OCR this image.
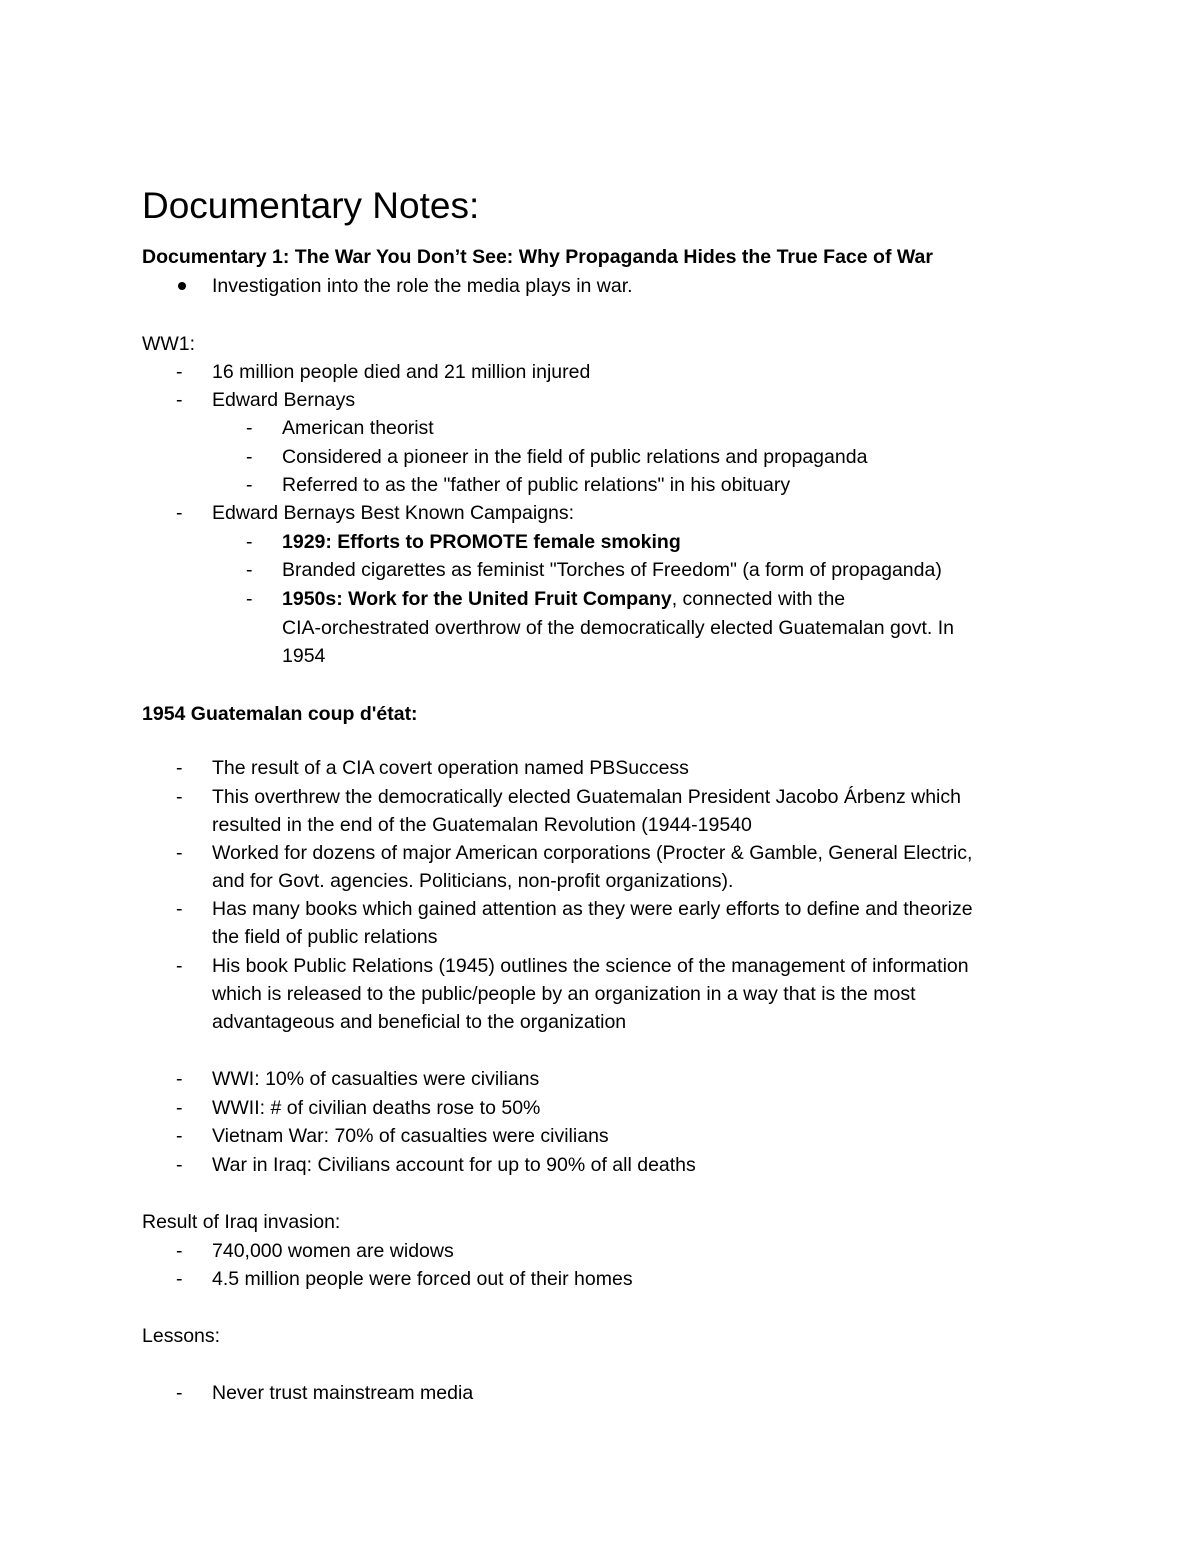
Documentary Notes:
Documentary 1: The War You Don’t See: Why Propaganda Hides the True Face of War
Investigation into the role the media plays in war.
WW1:
- 16 million people died and 21 million injured
- Edward Bernays
- American theorist
- Considered a pioneer in the field of public relations and propaganda
- Referred to as the "father of public relations" in his obituary
- Edward Bernays Best Known Campaigns:
- 1929: Efforts to PROMOTE female smoking
- Branded cigarettes as feminist "Torches of Freedom" (a form of propaganda)
- 1950s: Work for the United Fruit Company, connected with the
CIA-orchestrated overthrow of the democratically elected Guatemalan govt. In
1954
1954 Guatemalan coup d'état:
- The result of a CIA covert operation named PBSuccess
- This overthrew the democratically elected Guatemalan President Jacobo Árbenz which
resulted in the end of the Guatemalan Revolution (1944-19540
- Worked for dozens of major American corporations (Procter & Gamble, General Electric,
and for Govt. agencies. Politicians, non-profit organizations).
- Has many books which gained attention as they were early efforts to define and theorize
the field of public relations
- His book Public Relations (1945) outlines the science of the management of information
which is released to the public/people by an organization in a way that is the most
advantageous and beneficial to the organization
- WWI: 10% of casualties were civilians
- WWII: # of civilian deaths rose to 50%
- Vietnam War: 70% of casualties were civilians
- War in Iraq: Civilians account for up to 90% of all deaths
Result of Iraq invasion:
- 740,000 women are widows
- 4.5 million people were forced out of their homes
Lessons:
- Never trust mainstream media
